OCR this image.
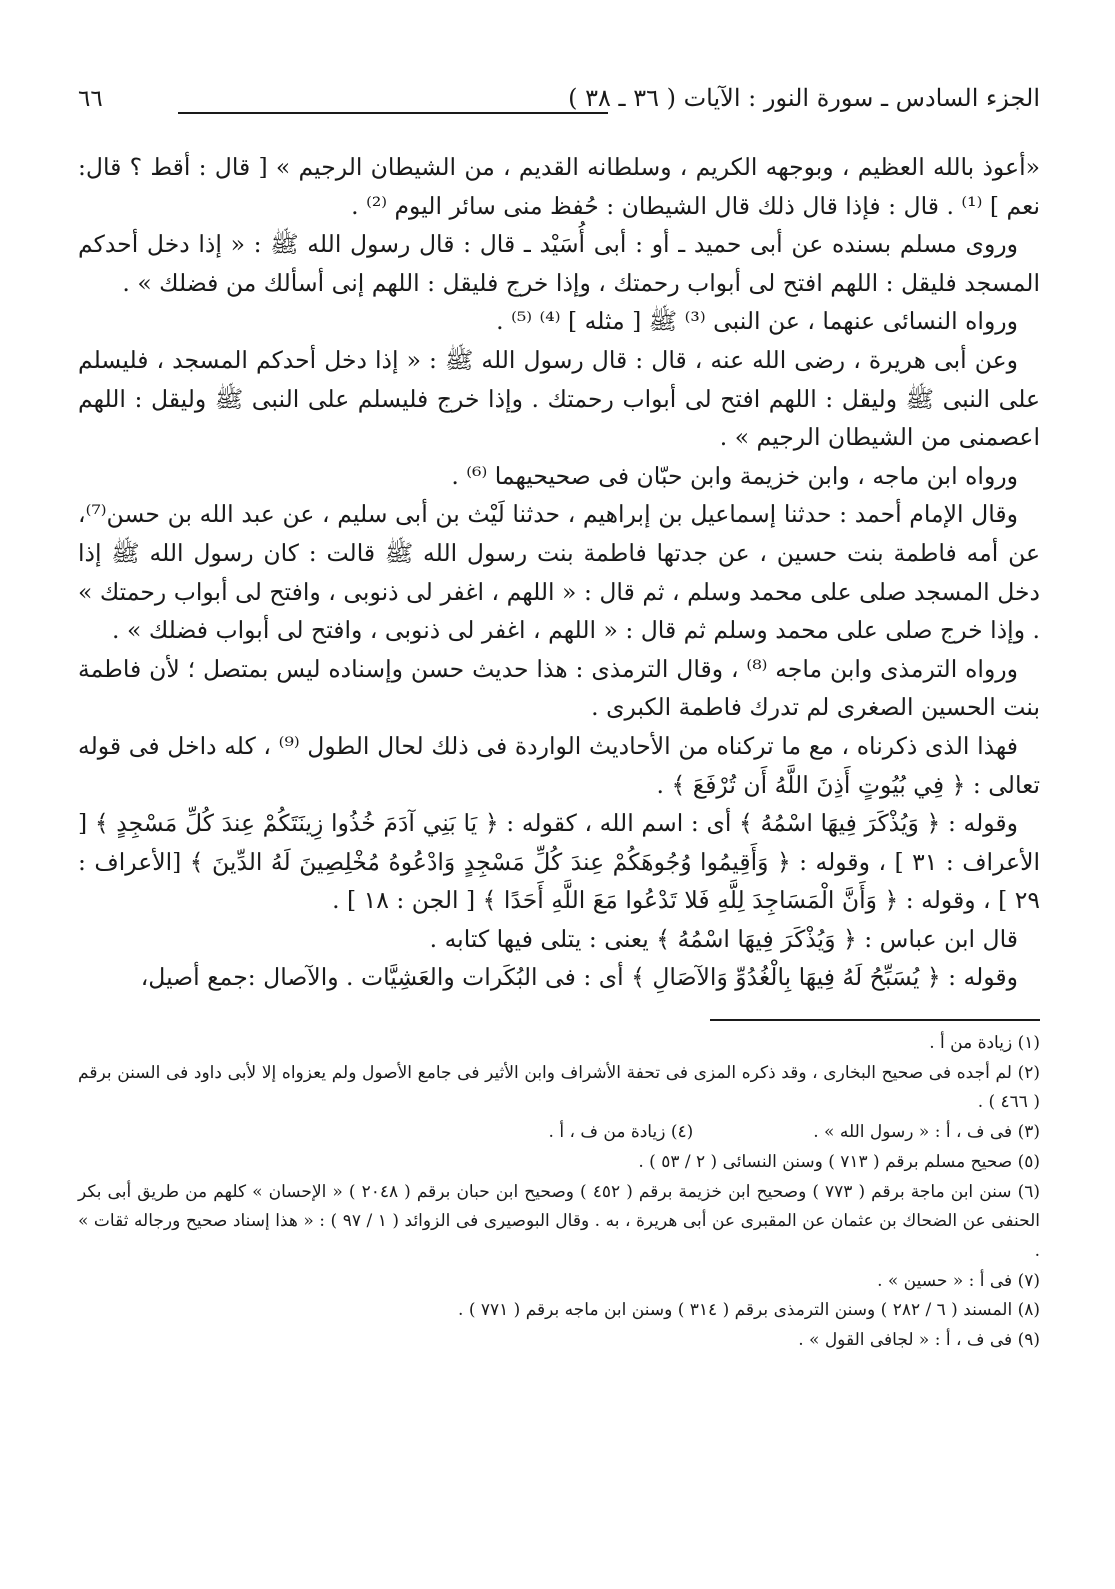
الجزء السادس ـ سورة النور : الآيات ( ٣٦ ـ ٣٨ )
٦٦

«أعوذ بالله العظيم ، وبوجهه الكريم ، وسلطانه القديم ، من الشيطان الرجيم » [ قال : أقط ؟ قال: نعم ] ⁽¹⁾ . قال : فإذا قال ذلك قال الشيطان : حُفظ منى سائر اليوم ⁽²⁾ .

وروى مسلم بسنده عن أبى حميد ـ أو : أبى أُسَيْد ـ قال : قال رسول الله ﷺ : « إذا دخل أحدكم المسجد فليقل : اللهم افتح لى أبواب رحمتك ، وإذا خرج فليقل : اللهم إنى أسألك من فضلك » .

ورواه النسائى عنهما ، عن النبى ⁽³⁾ ﷺ [ مثله ] ⁽⁴⁾ ⁽⁵⁾ .

وعن أبى هريرة ، رضى الله عنه ، قال : قال رسول الله ﷺ : « إذا دخل أحدكم المسجد ، فليسلم على النبى ﷺ وليقل : اللهم افتح لى أبواب رحمتك . وإذا خرج فليسلم على النبى ﷺ وليقل : اللهم اعصمنى من الشيطان الرجيم » .

ورواه ابن ماجه ، وابن خزيمة وابن حبّان فى صحيحيهما ⁽⁶⁾ .

وقال الإمام أحمد : حدثنا إسماعيل بن إبراهيم ، حدثنا لَيْث بن أبى سليم ، عن عبد الله بن حسن⁽⁷⁾، عن أمه فاطمة بنت حسين ، عن جدتها فاطمة بنت رسول الله ﷺ قالت : كان رسول الله ﷺ إذا دخل المسجد صلى على محمد وسلم ، ثم قال : « اللهم ، اغفر لى ذنوبى ، وافتح لى أبواب رحمتك » . وإذا خرج صلى على محمد وسلم ثم قال : « اللهم ، اغفر لى ذنوبى ، وافتح لى أبواب فضلك » .

ورواه الترمذى وابن ماجه ⁽⁸⁾ ، وقال الترمذى : هذا حديث حسن وإسناده ليس بمتصل ؛ لأن فاطمة بنت الحسين الصغرى لم تدرك فاطمة الكبرى .

فهذا الذى ذكرناه ، مع ما تركناه من الأحاديث الواردة فى ذلك لحال الطول ⁽⁹⁾ ، كله داخل فى قوله تعالى : ﴿ فِي بُيُوتٍ أَذِنَ اللَّهُ أَن تُرْفَعَ ﴾ .

وقوله : ﴿ وَيُذْكَرَ فِيهَا اسْمُهُ ﴾ أى : اسم الله ، كقوله : ﴿ يَا بَنِي آدَمَ خُذُوا زِينَتَكُمْ عِندَ كُلِّ مَسْجِدٍ ﴾ [ الأعراف : ٣١ ] ، وقوله : ﴿ وَأَقِيمُوا وُجُوهَكُمْ عِندَ كُلِّ مَسْجِدٍ وَادْعُوهُ مُخْلِصِينَ لَهُ الدِّينَ ﴾ [الأعراف : ٢٩ ] ، وقوله : ﴿ وَأَنَّ الْمَسَاجِدَ لِلَّهِ فَلا تَدْعُوا مَعَ اللَّهِ أَحَدًا ﴾ [ الجن : ١٨ ] .

قال ابن عباس : ﴿ وَيُذْكَرَ فِيهَا اسْمُهُ ﴾ يعنى : يتلى فيها كتابه .

وقوله : ﴿ يُسَبِّحُ لَهُ فِيهَا بِالْغُدُوِّ وَالآصَالِ ﴾ أى : فى البُكَرات والعَشِيَّات . والآصال :جمع أصيل،

(١) زيادة من أ .

(٢) لم أجده فى صحيح البخارى ، وقد ذكره المزى فى تحفة الأشراف وابن الأثير فى جامع الأصول ولم يعزواه إلا لأبى داود فى السنن برقم ( ٤٦٦ ) .

(٣) فى ف ، أ : « رسول الله » .(٤) زيادة من ف ، أ .

(٥) صحيح مسلم برقم ( ٧١٣ ) وسنن النسائى ( ٢ / ٥٣ ) .

(٦) سنن ابن ماجة برقم ( ٧٧٣ ) وصحيح ابن خزيمة برقم ( ٤٥٢ ) وصحيح ابن حبان برقم ( ٢٠٤٨ ) « الإحسان » كلهم من طريق أبى بكر الحنفى عن الضحاك بن عثمان عن المقبرى عن أبى هريرة ، به . وقال البوصيرى فى الزوائد ( ١ / ٩٧ ) : « هذا إسناد صحيح ورجاله ثقات » .

(٧) فى أ : « حسين » .

(٨) المسند ( ٦ / ٢٨٢ ) وسنن الترمذى برقم ( ٣١٤ ) وسنن ابن ماجه برقم ( ٧٧١ ) .

(٩) فى ف ، أ : « لجافى القول » .
